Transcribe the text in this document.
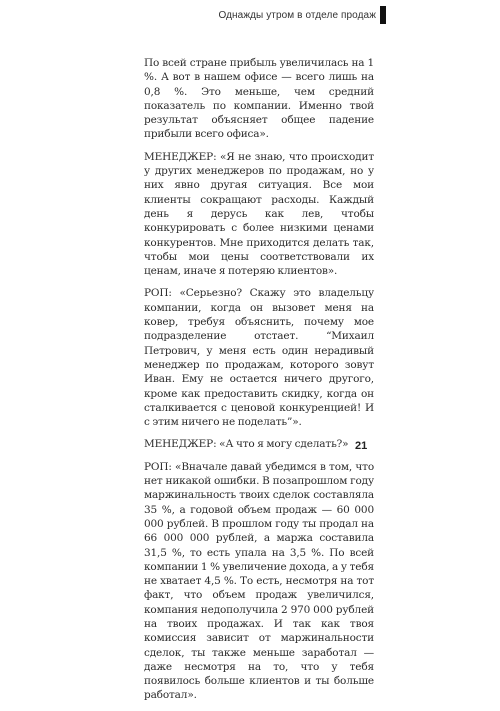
Однажды утром в отделе продаж

По всей стране прибыль увеличилась на 1 %. А вот в нашем офисе — всего лишь на 0,8 %. Это меньше, чем средний показатель по компании. Именно твой результат объясняет общее падение прибыли всего офиса».

МЕНЕДЖЕР: «Я не знаю, что происходит у других менеджеров по продажам, но у них явно другая ситуация. Все мои клиенты сокращают расходы. Каждый день я дерусь как лев, чтобы конкурировать с более низкими ценами конкурентов. Мне приходится делать так, чтобы мои цены соответствовали их ценам, иначе я потеряю клиентов».

РОП: «Серьезно? Скажу это владельцу компании, когда он вызовет меня на ковер, требуя объяснить, почему мое подразделение отстает. “Михаил Петрович, у меня есть один нерадивый менеджер по продажам, которого зовут Иван. Ему не остается ничего другого, кроме как предоставить скидку, когда он сталкивается с ценовой конкуренцией! И с этим ничего не поделать”».

МЕНЕДЖЕР: «А что я могу сделать?»

РОП: «Вначале давай убедимся в том, что нет никакой ошибки. В позапрошлом году маржинальность твоих сделок составляла 35 %, а годовой объем продаж — 60 000 000 рублей. В прошлом году ты продал на 66 000 000 рублей, а маржа составила 31,5 %, то есть упала на 3,5 %. По всей компании 1 % увеличение дохода, а у тебя не хватает 4,5 %. То есть, несмотря на тот факт, что объем продаж увеличился, компания недополучила 2 970 000 рублей на твоих продажах. И так как твоя комиссия зависит от маржинальности сделок, ты также меньше заработал — даже несмотря на то, что у тебя появилось больше клиентов и ты больше работал».

21
